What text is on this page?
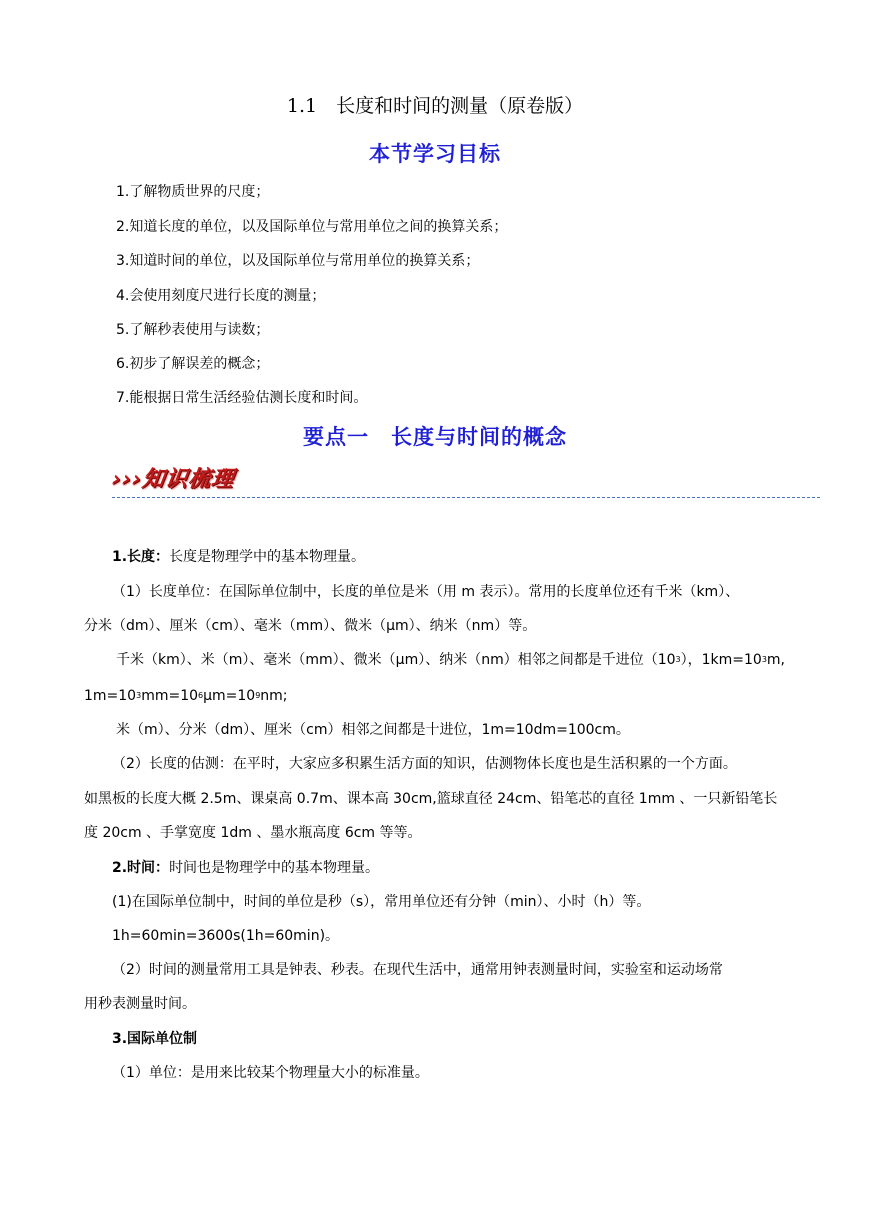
1.1　长度和时间的测量（原卷版）
本节学习目标
1.了解物质世界的尺度；
2.知道长度的单位，以及国际单位与常用单位之间的换算关系；
3.知道时间的单位，以及国际单位与常用单位的换算关系；
4.会使用刻度尺进行长度的测量；
5.了解秒表使用与读数；
6.初步了解误差的概念；
7.能根据日常生活经验估测长度和时间。
要点一　长度与时间的概念
›››知识梳理
1.长度：长度是物理学中的基本物理量。
（1）长度单位：在国际单位制中，长度的单位是米（用 m 表示）。常用的长度单位还有千米（km）、
分米（dm）、厘米（cm）、毫米（mm）、微米（μm）、纳米（nm）等。
千米（km）、米（m）、毫米（mm）、微米（μm）、纳米（nm）相邻之间都是千进位$(10^3)$，$1km=10^3m$,
$1m=10^3mm=10^6\mu m=10^9nm$;
米（m）、分米（dm）、厘米（cm）相邻之间都是十进位，1m=10dm=100cm。
（2）长度的估测：在平时，大家应多积累生活方面的知识，估测物体长度也是生活积累的一个方面。
如黑板的长度大概 2.5m、课桌高 0.7m、课本高 30cm,篮球直径 24cm、铅笔芯的直径 1mm 、一只新铅笔长
度 20cm 、手掌宽度 1dm 、墨水瓶高度 6cm 等等。
2.时间：时间也是物理学中的基本物理量。
(1)在国际单位制中，时间的单位是秒（s），常用单位还有分钟（min）、小时（h）等。
1h=60min=3600s(1h=60min)。
（2）时间的测量常用工具是钟表、秒表。在现代生活中，通常用钟表测量时间，实验室和运动场常
用秒表测量时间。
3.国际单位制
（1）单位：是用来比较某个物理量大小的标准量。
